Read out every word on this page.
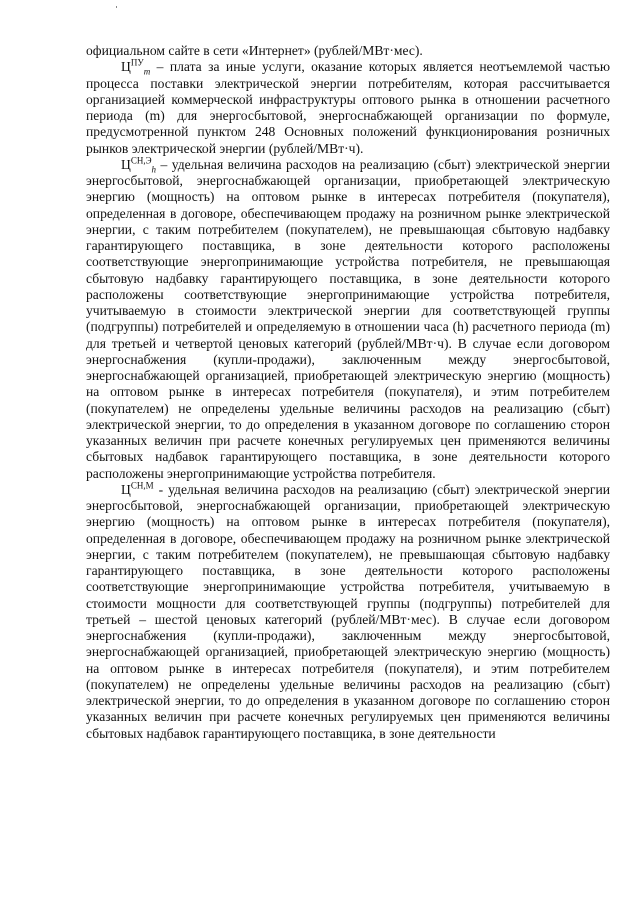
официальном сайте в сети «Интернет» (рублей/МВт·мес).

$Ц^{ПУ}_m$ – плата за иные услуги, оказание которых является неотъемлемой частью процесса поставки электрической энергии потребителям, которая рассчитывается организацией коммерческой инфраструктуры оптового рынка в отношении расчетного периода (m) для энергосбытовой, энергоснабжающей организации по формуле, предусмотренной пунктом 248 Основных положений функционирования розничных рынков электрической энергии (рублей/МВт·ч).

$Ц^{СН,Э}_h$ – удельная величина расходов на реализацию (сбыт) электрической энергии энергосбытовой, энергоснабжающей организации, приобретающей электрическую энергию (мощность) на оптовом рынке в интересах потребителя (покупателя), определенная в договоре, обеспечивающем продажу на розничном рынке электрической энергии, с таким потребителем (покупателем), не превышающая сбытовую надбавку гарантирующего поставщика, в зоне деятельности которого расположены соответствующие энергопринимающие устройства потребителя, не превышающая сбытовую надбавку гарантирующего поставщика, в зоне деятельности которого расположены соответствующие энергопринимающие устройства потребителя, учитываемую в стоимости электрической энергии для соответствующей группы (подгруппы) потребителей и определяемую в отношении часа (h) расчетного периода (m) для третьей и четвертой ценовых категорий (рублей/МВт·ч). В случае если договором энергоснабжения (купли-продажи), заключенным между энергосбытовой, энергоснабжающей организацией, приобретающей электрическую энергию (мощность) на оптовом рынке в интересах потребителя (покупателя), и этим потребителем (покупателем) не определены удельные величины расходов на реализацию (сбыт) электрической энергии, то до определения в указанном договоре по соглашению сторон указанных величин при расчете конечных регулируемых цен применяются величины сбытовых надбавок гарантирующего поставщика, в зоне деятельности которого расположены энергопринимающие устройства потребителя.

$Ц^{СН,М}$ - удельная величина расходов на реализацию (сбыт) электрической энергии энергосбытовой, энергоснабжающей организации, приобретающей электрическую энергию (мощность) на оптовом рынке в интересах потребителя (покупателя), определенная в договоре, обеспечивающем продажу на розничном рынке электрической энергии, с таким потребителем (покупателем), не превышающая сбытовую надбавку гарантирующего поставщика, в зоне деятельности которого расположены соответствующие энергопринимающие устройства потребителя, учитываемую в стоимости мощности для соответствующей группы (подгруппы) потребителей для третьей – шестой ценовых категорий (рублей/МВт·мес). В случае если договором энергоснабжения (купли-продажи), заключенным между энергосбытовой, энергоснабжающей организацией, приобретающей электрическую энергию (мощность) на оптовом рынке в интересах потребителя (покупателя), и этим потребителем (покупателем) не определены удельные величины расходов на реализацию (сбыт) электрической энергии, то до определения в указанном договоре по соглашению сторон указанных величин при расчете конечных регулируемых цен применяются величины сбытовых надбавок гарантирующего поставщика, в зоне деятельности
